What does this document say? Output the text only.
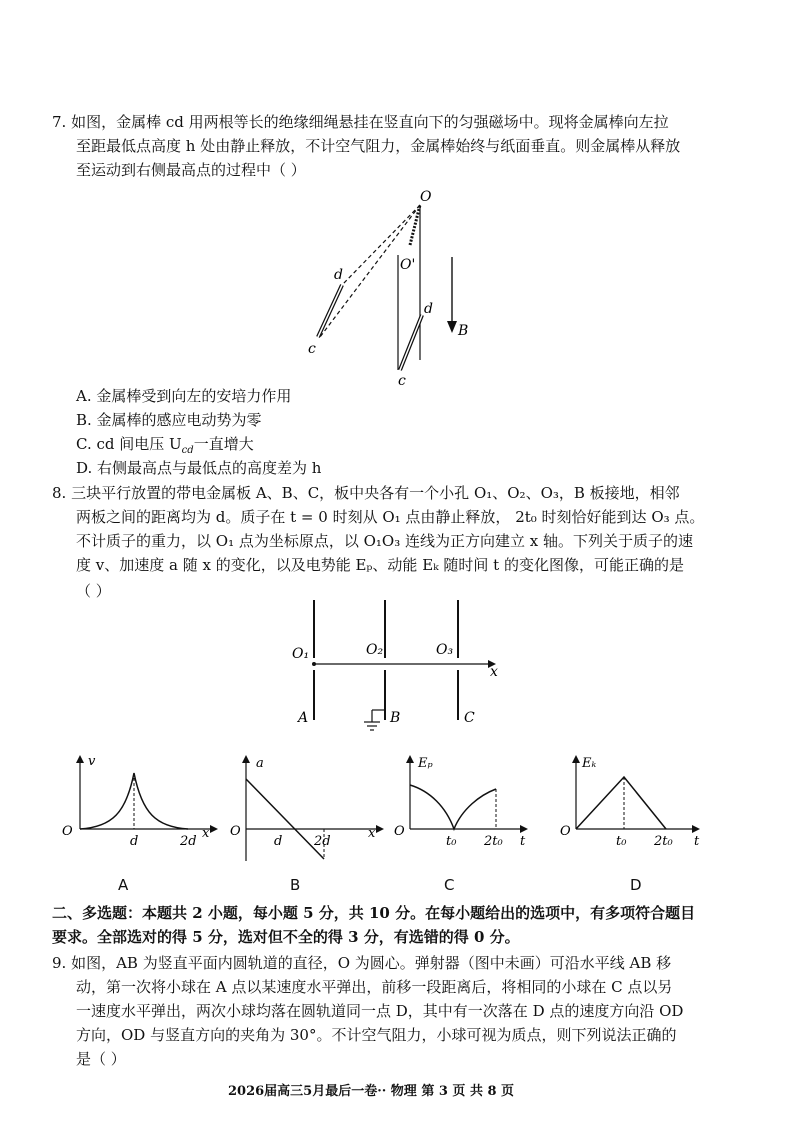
7. 如图，金属棒 cd 用两根等长的绝缘细绳悬挂在竖直向下的匀强磁场中。现将金属棒向左拉
至距最低点高度 h 处由静止释放，不计空气阻力，金属棒始终与纸面垂直。则金属棒从释放
至运动到右侧最高点的过程中（ ）
O
O'
d
c
d
c
B
A. 金属棒受到向左的安培力作用
B. 金属棒的感应电动势为零
C. cd 间电压 $U_{cd}$一直增大
D. 右侧最高点与最低点的高度差为 h
8. 三块平行放置的带电金属板 A、B、C，板中央各有一个小孔 O₁、O₂、O₃，B 板接地，相邻
两板之间的距离均为 d。质子在 t = 0 时刻从 O₁ 点由静止释放， 2t₀ 时刻恰好能到达 O₃ 点。
不计质子的重力，以 O₁ 点为坐标原点，以 O₁O₃ 连线为正方向建立 x 轴。下列关于质子的速
度 v、加速度 a 随 x 的变化，以及电势能 Eₚ、动能 Eₖ 随时间 t 的变化图像，可能正确的是
（ ）
O₁	O₂	O₃
x
A	B	C
v
O
d	2d
x
A
a
O
d 2d
x
B
Eₚ
O
t₀ 2t₀ t
C
Eₖ
O
t₀ 2t₀ t
D
二、多选题：本题共 2 小题，每小题 5 分，共 10 分。在每小题给出的选项中，有多项符合题目
要求。全部选对的得 5 分，选对但不全的得 3 分，有选错的得 0 分。
9. 如图，AB 为竖直平面内圆轨道的直径，O 为圆心。弹射器（图中未画）可沿水平线 AB 移
动，第一次将小球在 A 点以某速度水平弹出，前移一段距离后，将相同的小球在 C 点以另
一速度水平弹出，两次小球均落在圆轨道同一点 D，其中有一次落在 D 点的速度方向沿 OD
方向，OD 与竖直方向的夹角为 30°。不计空气阻力，小球可视为质点，则下列说法正确的
是（ ）
2026届高三5月最后一卷·· 物理 第 3 页 共 8 页
